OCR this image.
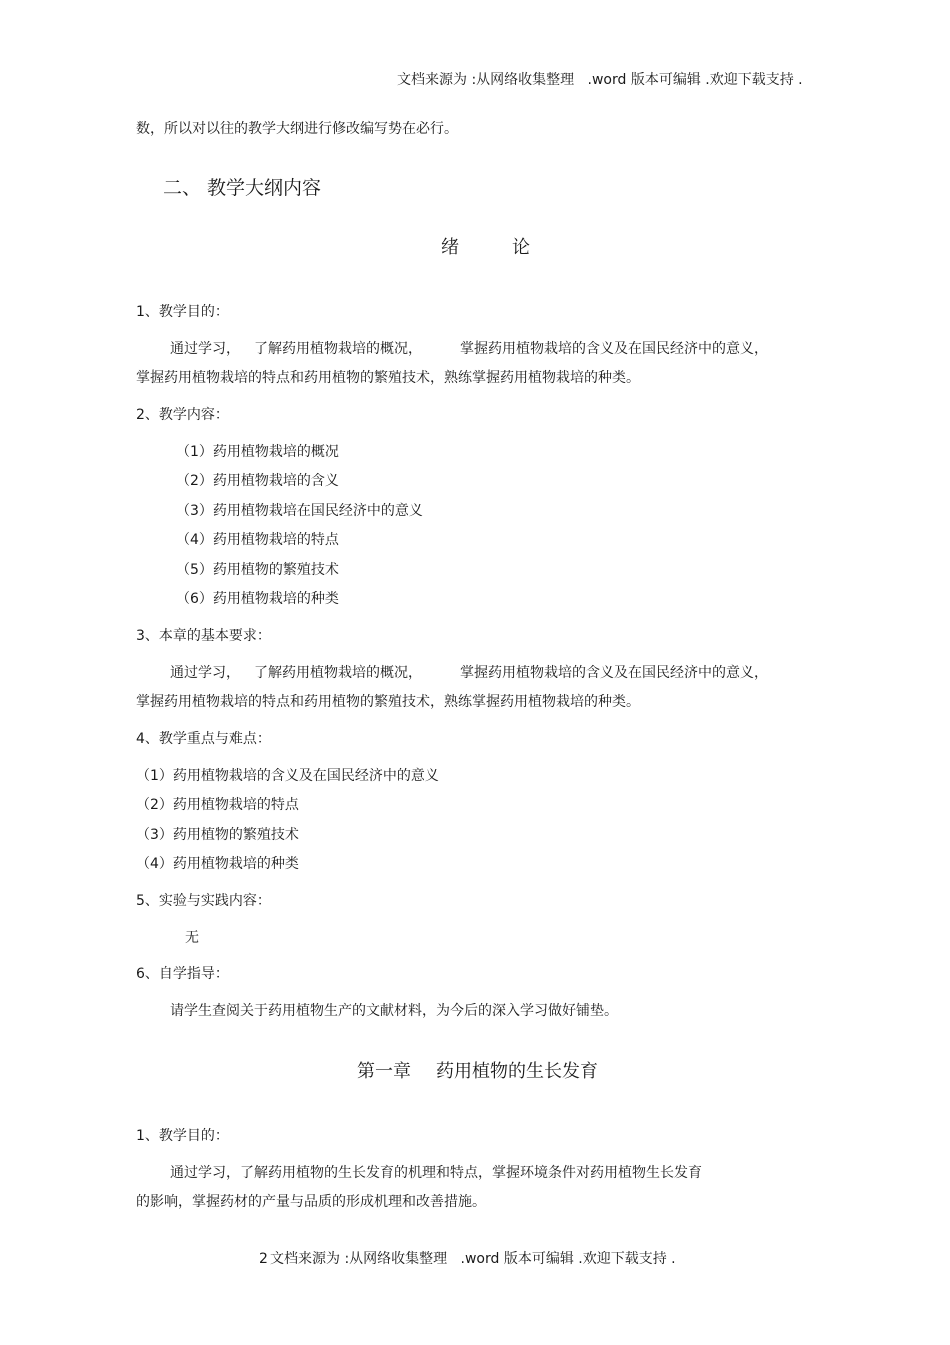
文档来源为 :从网络收集整理   .word 版本可编辑 .欢迎下载支持 .
数，所以对以往的教学大纲进行修改编写势在必行。
二、 教学大纲内容
绪	论
1、教学目的：
通过学习， 了解药用植物栽培的概况，	掌握药用植物栽培的含义及在国民经济中的意义，
掌握药用植物栽培的特点和药用植物的繁殖技术，熟练掌握药用植物栽培的种类。
2、教学内容：
（1）药用植物栽培的概况
（2）药用植物栽培的含义
（3）药用植物栽培在国民经济中的意义
（4）药用植物栽培的特点
（5）药用植物的繁殖技术
（6）药用植物栽培的种类
3、本章的基本要求：
通过学习， 了解药用植物栽培的概况，	掌握药用植物栽培的含义及在国民经济中的意义，
掌握药用植物栽培的特点和药用植物的繁殖技术，熟练掌握药用植物栽培的种类。
4、教学重点与难点：
（1）药用植物栽培的含义及在国民经济中的意义
（2）药用植物栽培的特点
（3）药用植物的繁殖技术
（4）药用植物栽培的种类
5、实验与实践内容：
无
6、自学指导：
请学生查阅关于药用植物生产的文献材料，为今后的深入学习做好铺垫。
第一章 药用植物的生长发育
1、教学目的：
通过学习，了解药用植物的生长发育的机理和特点，掌握环境条件对药用植物生长发育
的影响，掌握药材的产量与品质的形成机理和改善措施。
2 文档来源为 :从网络收集整理   .word 版本可编辑 .欢迎下载支持 .
